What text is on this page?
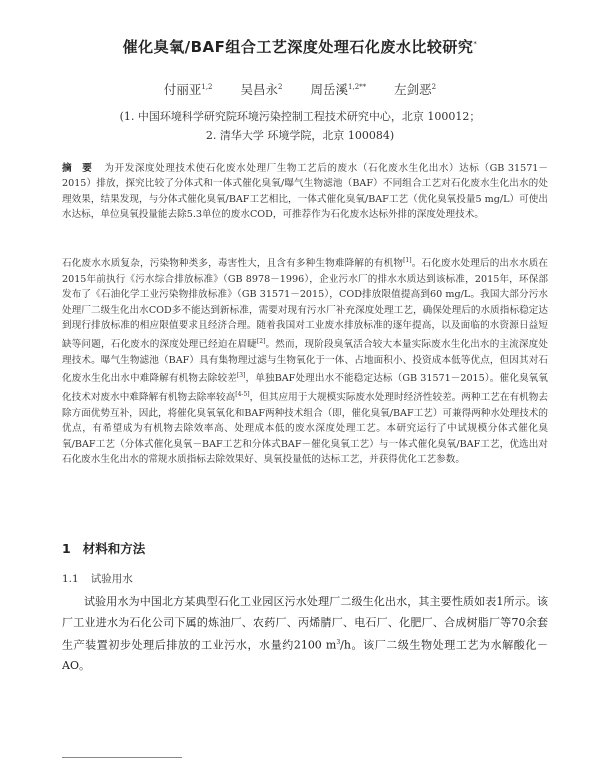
催化臭氧/BAF组合工艺深度处理石化废水比较研究*
付丽亚$^{1,2}$ 吴昌永$^2$ 周岳溪$^{1,2**}$ 左剑恶$^2$
(1. 中国环境科学研究院环境污染控制工程技术研究中心，北京 100012；
2. 清华大学 环境学院，北京 100084)
摘　要 为开发深度处理技术使石化废水处理厂生物工艺后的废水（石化废水生化出水）达标（GB 31571－2015）排放，探究比较了分体式和一体式催化臭氧/曝气生物滤池（BAF）不同组合工艺对石化废水生化出水的处理效果，结果发现，与分体式催化臭氧/BAF工艺相比，一体式催化臭氧/BAF工艺（优化臭氧投量5 mg/L）可使出水达标，单位臭氧投量能去除5.3单位的废水COD，可推荐作为石化废水达标外排的深度处理技术。
石化废水水质复杂，污染物种类多，毒害性大，且含有多种生物难降解的有机物[1]。石化废水处理后的出水水质在2015年前执行《污水综合排放标准》（GB 8978－1996），企业污水厂的排水水质达到该标准，2015年，环保部发布了《石油化学工业污染物排放标准》（GB 31571－2015），COD排放限值提高到60 mg/L。我国大部分污水处理厂二级生化出水COD多不能达到新标准，需要对现有污水厂补充深度处理工艺，确保处理后的水质指标稳定达到现行排放标准的相应限值要求且经济合理。随着我国对工业废水排放标准的逐年提高，以及面临的水资源日益短缺等问题，石化废水的深度处理已经迫在眉睫[2]。然而，现阶段臭氧活合较大本量实际废水生化出水的主流深度处理技术。曝气生物滤池（BAF）具有集物理过滤与生物氧化于一体、占地面积小、投资成本低等优点，但因其对石化废水生化出水中难降解有机物去除较差[3]，单独BAF处理出水不能稳定达标（GB 31571－2015）。催化臭氧氧化技术对废水中难降解有机物去除率较高[4-5]，但其应用于大规模实际废水处理时经济性较差。两种工艺在有机物去除方面优势互补，因此，将催化臭氧氧化和BAF两种技术组合（即，催化臭氧/BAF工艺）可兼得两种水处理技术的优点，有希望成为有机物去除效率高、处理成本低的废水深度处理工艺。本研究运行了中试规模分体式催化臭氧/BAF工艺（分体式催化臭氧－BAF工艺和分体式BAF－催化臭氧工艺）与一体式催化臭氧/BAF工艺，优选出对石化废水生化出水的常规水质指标去除效果好、臭氧投量低的达标工艺，并获得优化工艺参数。
1 材料和方法
1.1 试验用水
试验用水为中国北方某典型石化工业园区污水处理厂二级生化出水，其主要性质如表1所示。该厂工业进水为石化公司下属的炼油厂、农药厂、丙烯腈厂、电石厂、化肥厂、合成树脂厂等70余套生产装置初步处理后排放的工业污水，水量约2100 $m^3/h$。该厂二级生物处理工艺为水解酸化－AO。
